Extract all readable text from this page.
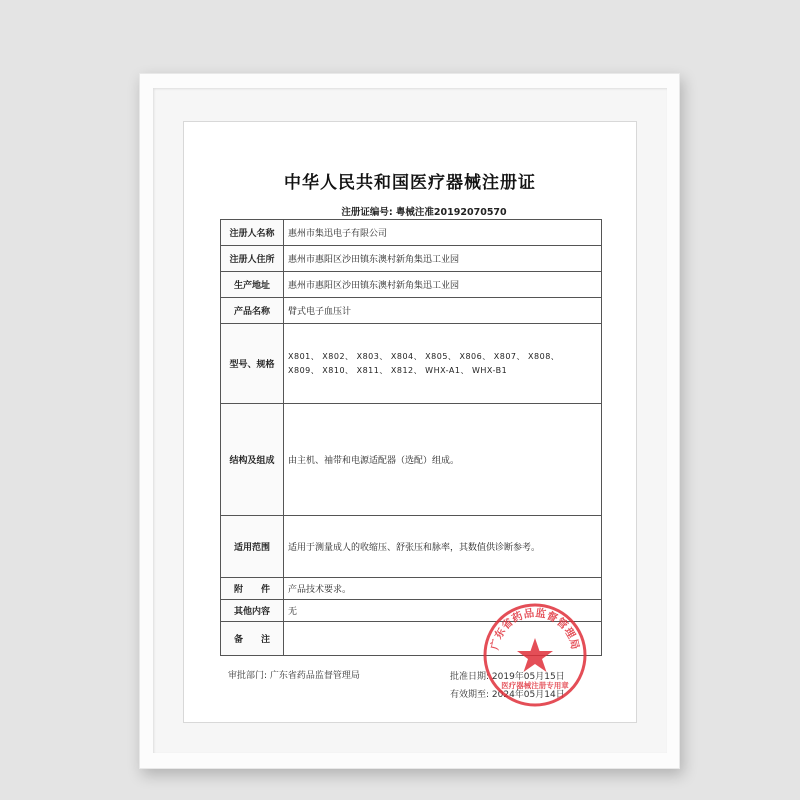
中华人民共和国医疗器械注册证
注册证编号: 粤械注准20192070570
注册人名称	惠州市集迅电子有限公司
注册人住所	惠州市惠阳区沙田镇东澳村新角集迅工业园
生产地址	惠州市惠阳区沙田镇东澳村新角集迅工业园
产品名称	臂式电子血压计
型号、规格	X801、 X802、 X803、 X804、 X805、 X806、 X807、 X808、
X809、 X810、 X811、 X812、 WHX-A1、 WHX-B1

结构及组成	由主机、袖带和电源适配器（选配）组成。
适用范围	适用于测量成人的收缩压、舒张压和脉率，其数值供诊断参考。
附　　件	产品技术要求。
其他内容	无
备　　注	
审批部门: 广东省药品监督管理局	批准日期: 2019年05月15日
有效期至: 2024年05月14日
广东省药品监督管理局
医疗器械注册专用章
